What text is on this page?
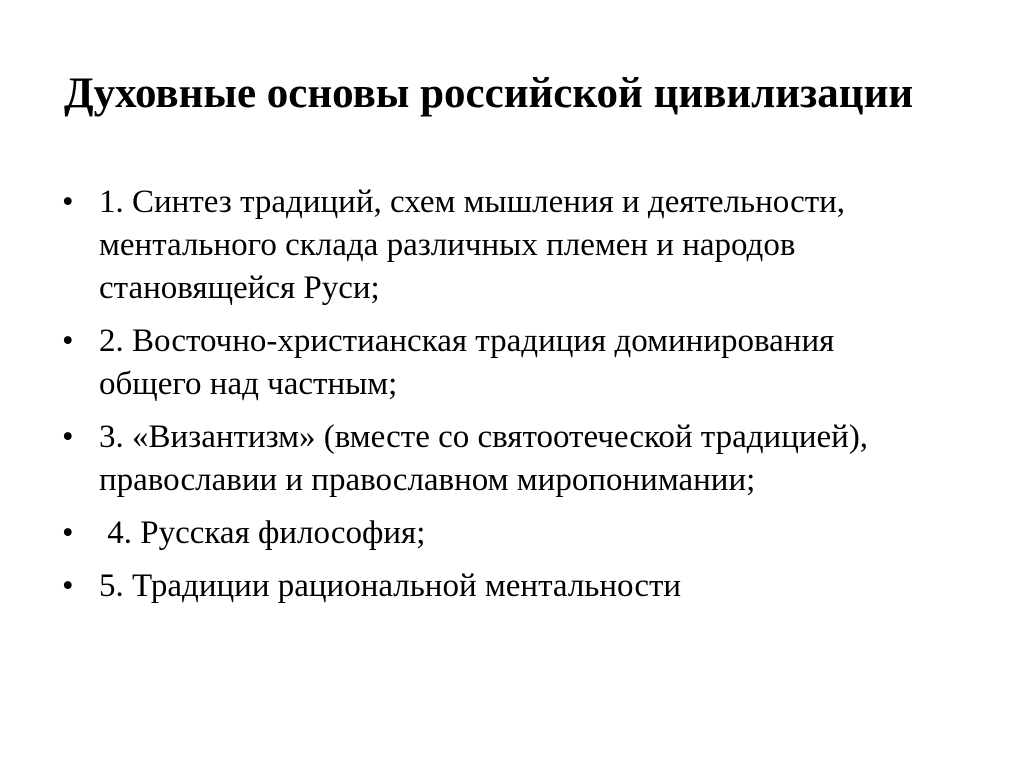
Духовные основы российской цивилизации
• 1. Синтез традиций, схем мышления и деятельности, ментального склада различных племен и народов становящейся Руси;
• 2. Восточно-христианская традиция доминирования общего над частным;
• 3. «Византизм» (вместе со святоотеческой традицией), православии и православном миропонимании;
• 4. Русская философия;
• 5. Традиции рациональной ментальности
